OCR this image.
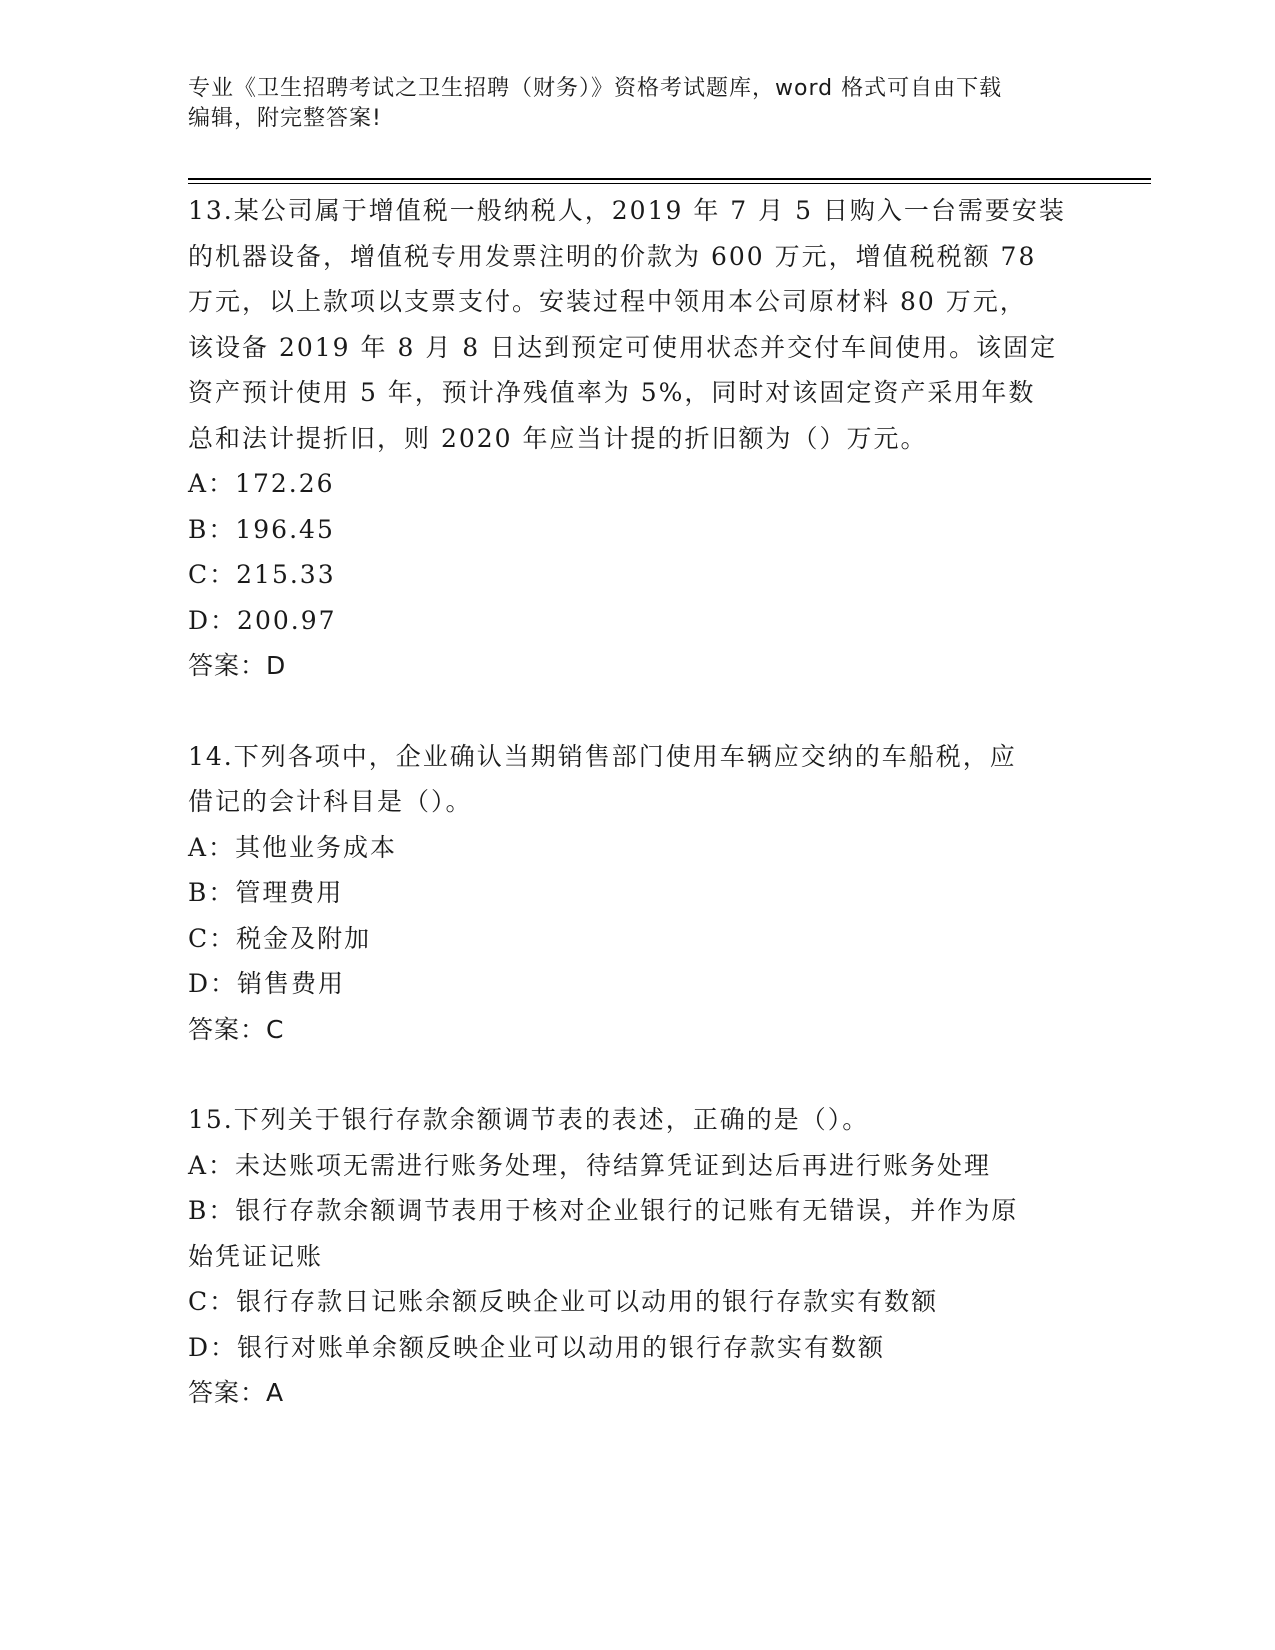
专业《卫生招聘考试之卫生招聘（财务）》资格考试题库，word 格式可自由下载
编辑，附完整答案!

13.某公司属于增值税一般纳税人，2019 年 7 月 5 日购入一台需要安装
的机器设备，增值税专用发票注明的价款为 600 万元，增值税税额 78
万元，以上款项以支票支付。安装过程中领用本公司原材料 80 万元，
该设备 2019 年 8 月 8 日达到预定可使用状态并交付车间使用。该固定
资产预计使用 5 年，预计净残值率为 5%，同时对该固定资产采用年数
总和法计提折旧，则 2020 年应当计提的折旧额为（）万元。

A：172.26

B：196.45

C：215.33

D：200.97

答案：D

14.下列各项中，企业确认当期销售部门使用车辆应交纳的车船税，应
借记的会计科目是（）。

A：其他业务成本

B：管理费用

C：税金及附加

D：销售费用

答案：C

15.下列关于银行存款余额调节表的表述，正确的是（）。

A：未达账项无需进行账务处理，待结算凭证到达后再进行账务处理

B：银行存款余额调节表用于核对企业银行的记账有无错误，并作为原
始凭证记账

C：银行存款日记账余额反映企业可以动用的银行存款实有数额

D：银行对账单余额反映企业可以动用的银行存款实有数额

答案：A
